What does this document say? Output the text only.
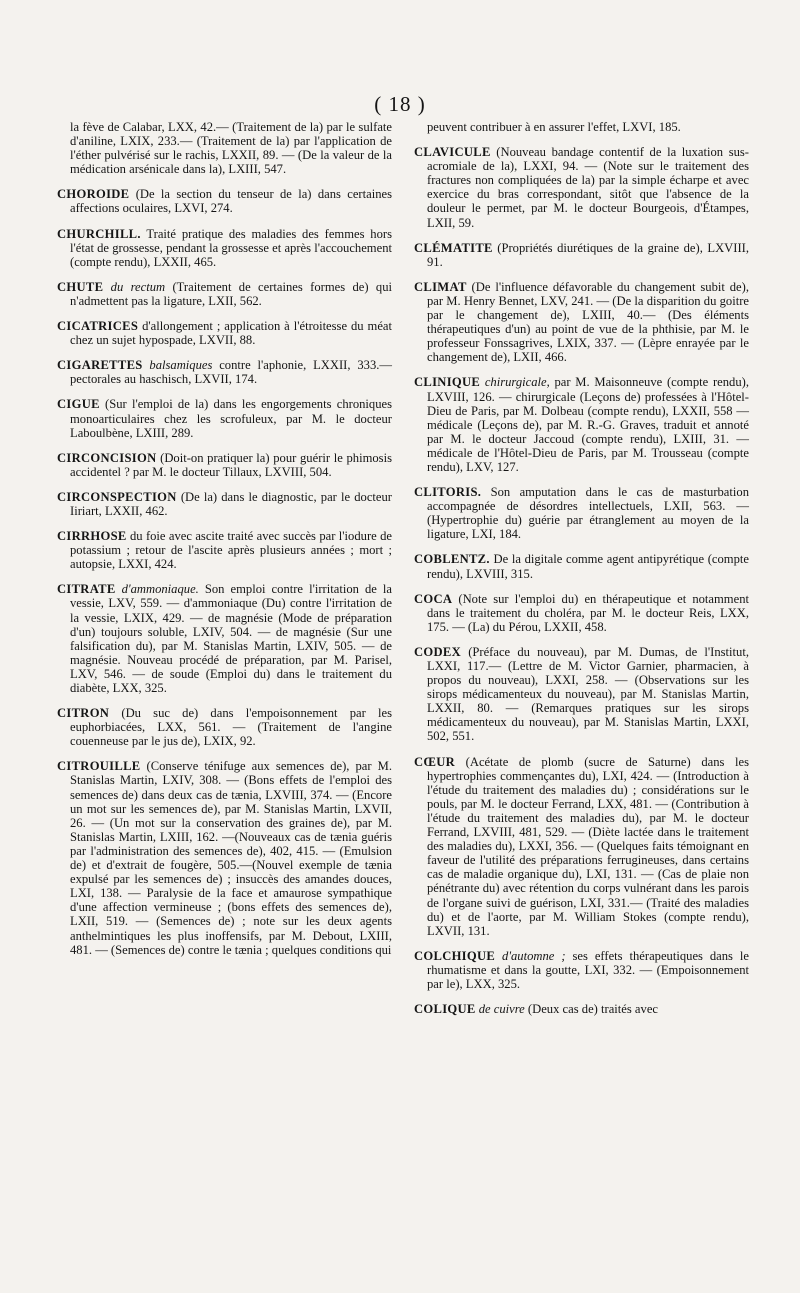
( 18 )

la fève de Calabar, LXX, 42.— (Traitement de la) par le sulfate d'aniline, LXIX, 233.— (Traitement de la) par l'application de l'éther pulvérisé sur le rachis, LXXII, 89. — (De la valeur de la médication arsénicale dans la), LXIII, 547.

CHOROIDE (De la section du tenseur de la) dans certaines affections oculaires, LXVI, 274.

CHURCHILL. Traité pratique des maladies des femmes hors l'état de grossesse, pendant la grossesse et après l'accouchement (compte rendu), LXXII, 465.

CHUTE du rectum (Traitement de certaines formes de) qui n'admettent pas la ligature, LXII, 562.

CICATRICES d'allongement ; application à l'étroitesse du méat chez un sujet hypospade, LXVII, 88.

CIGARETTES balsamiques contre l'aphonie, LXXII, 333.— pectorales au haschisch, LXVII, 174.

CIGUE (Sur l'emploi de la) dans les engorgements chroniques monoarticulaires chez les scrofuleux, par M. le docteur Laboulbène, LXIII, 289.

CIRCONCISION (Doit-on pratiquer la) pour guérir le phimosis accidentel ? par M. le docteur Tillaux, LXVIII, 504.

CIRCONSPECTION (De la) dans le diagnostic, par le docteur Iiriart, LXXII, 462.

CIRRHOSE du foie avec ascite traité avec succès par l'iodure de potassium ; retour de l'ascite après plusieurs années ; mort ; autopsie, LXXI, 424.

CITRATE d'ammoniaque. Son emploi contre l'irritation de la vessie, LXV, 559. — d'ammoniaque (Du) contre l'irritation de la vessie, LXIX, 429. — de magnésie (Mode de préparation d'un) toujours soluble, LXIV, 504. — de magnésie (Sur une falsification du), par M. Stanislas Martin, LXIV, 505. — de magnésie. Nouveau procédé de préparation, par M. Parisel, LXV, 546. — de soude (Emploi du) dans le traitement du diabète, LXX, 325.

CITRON (Du suc de) dans l'empoisonnement par les euphorbiacées, LXX, 561. — (Traitement de l'angine couenneuse par le jus de), LXIX, 92.

CITROUILLE (Conserve ténifuge aux semences de), par M. Stanislas Martin, LXIV, 308. — (Bons effets de l'emploi des semences de) dans deux cas de tænia, LXVIII, 374. — (Encore un mot sur les semences de), par M. Stanislas Martin, LXVII, 26. — (Un mot sur la conservation des graines de), par M. Stanislas Martin, LXIII, 162. —(Nouveaux cas de tænia guéris par l'administration des semences de), 402, 415. — (Emulsion de) et d'extrait de fougère, 505.—(Nouvel exemple de tænia expulsé par les semences de) ; insuccès des amandes douces, LXI, 138. — Paralysie de la face et amaurose sympathique d'une affection vermineuse ; (bons effets des semences de), LXII, 519. — (Semences de) ; note sur les deux agents anthelmintiques les plus inoffensifs, par M. Debout, LXIII, 481. — (Semences de) contre le tænia ; quelques conditions qui

peuvent contribuer à en assurer l'effet, LXVI, 185.

CLAVICULE (Nouveau bandage contentif de la luxation sus-acromiale de la), LXXI, 94. — (Note sur le traitement des fractures non compliquées de la) par la simple écharpe et avec exercice du bras correspondant, sitôt que l'absence de la douleur le permet, par M. le docteur Bourgeois, d'Étampes, LXII, 59.

CLÉMATITE (Propriétés diurétiques de la graine de), LXVIII, 91.

CLIMAT (De l'influence défavorable du changement subit de), par M. Henry Bennet, LXV, 241. — (De la disparition du goitre par le changement de), LXIII, 40.— (Des éléments thérapeutiques d'un) au point de vue de la phthisie, par M. le professeur Fonssagrives, LXIX, 337. — (Lèpre enrayée par le changement de), LXII, 466.

CLINIQUE chirurgicale, par M. Maisonneuve (compte rendu), LXVIII, 126. — chirurgicale (Leçons de) professées à l'Hôtel-Dieu de Paris, par M. Dolbeau (compte rendu), LXXII, 558 — médicale (Leçons de), par M. R.-G. Graves, traduit et annoté par M. le docteur Jaccoud (compte rendu), LXIII, 31. — médicale de l'Hôtel-Dieu de Paris, par M. Trousseau (compte rendu), LXV, 127.

CLITORIS. Son amputation dans le cas de masturbation accompagnée de désordres intellectuels, LXII, 563. — (Hypertrophie du) guérie par étranglement au moyen de la ligature, LXI, 184.

COBLENTZ. De la digitale comme agent antipyrétique (compte rendu), LXVIII, 315.

COCA (Note sur l'emploi du) en thérapeutique et notamment dans le traitement du choléra, par M. le docteur Reis, LXX, 175. — (La) du Pérou, LXXII, 458.

CODEX (Préface du nouveau), par M. Dumas, de l'Institut, LXXI, 117.— (Lettre de M. Victor Garnier, pharmacien, à propos du nouveau), LXXI, 258. — (Observations sur les sirops médicamenteux du nouveau), par M. Stanislas Martin, LXXII, 80. — (Remarques pratiques sur les sirops médicamenteux du nouveau), par M. Stanislas Martin, LXXI, 502, 551.

CŒUR (Acétate de plomb (sucre de Saturne) dans les hypertrophies commençantes du), LXI, 424. — (Introduction à l'étude du traitement des maladies du) ; considérations sur le pouls, par M. le docteur Ferrand, LXX, 481. — (Contribution à l'étude du traitement des maladies du), par M. le docteur Ferrand, LXVIII, 481, 529. — (Diète lactée dans le traitement des maladies du), LXXI, 356. — (Quelques faits témoignant en faveur de l'utilité des préparations ferrugineuses, dans certains cas de maladie organique du), LXI, 131. — (Cas de plaie non pénétrante du) avec rétention du corps vulnérant dans les parois de l'organe suivi de guérison, LXI, 331.— (Traité des maladies du) et de l'aorte, par M. William Stokes (compte rendu), LXVII, 131.

COLCHIQUE d'automne ; ses effets thérapeutiques dans le rhumatisme et dans la goutte, LXI, 332. — (Empoisonnement par le), LXX, 325.

COLIQUE de cuivre (Deux cas de) traités avec
